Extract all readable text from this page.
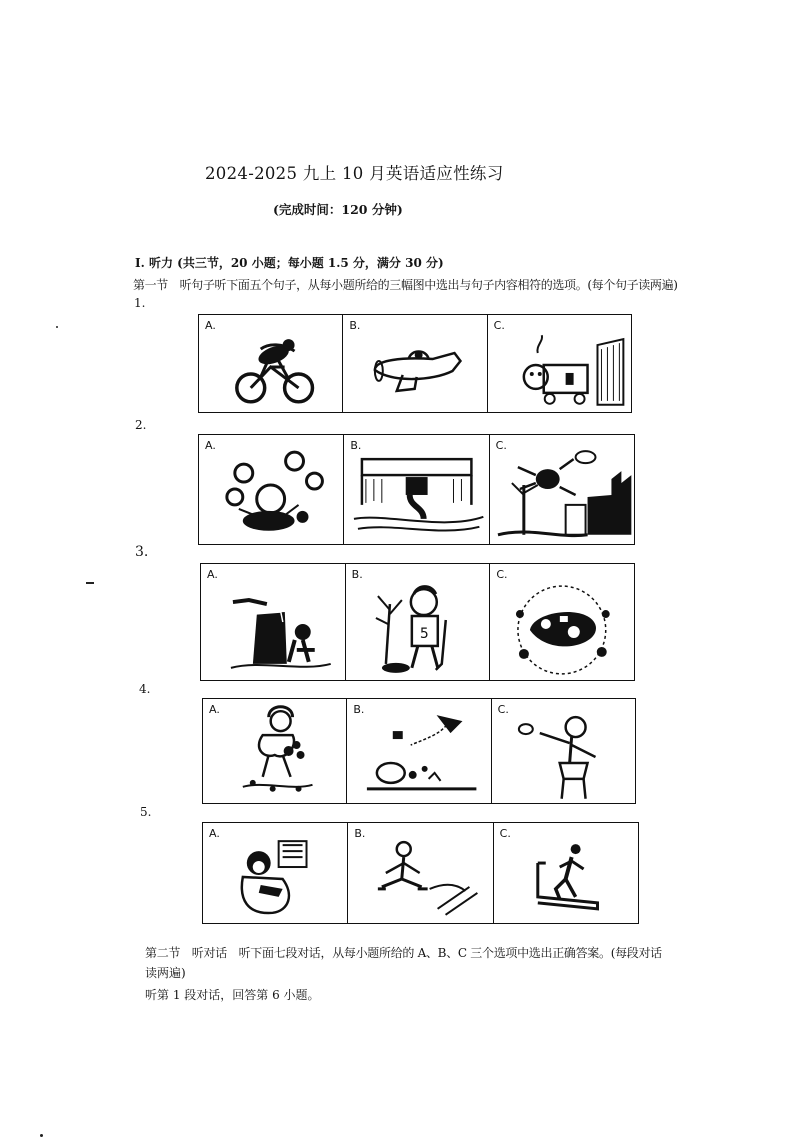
2024-2025 九上 10 月英语适应性练习
(完成时间：120 分钟)
I. 听力 (共三节，20 小题；每小题 1.5 分，满分 30 分)
第一节　听句子听下面五个句子，从每小题所给的三幅图中选出与句子内容相符的选项。(每个句子读两遍)
1.
A.	B.	C.
2.
A.	B.	C.
3.
A.	B.
5
C.
4.
A.	B.	C.
5.
A.	B.	C.
第二节　听对话　听下面七段对话，从每小题所给的 A、B、C 三个选项中选出正确答案。(每段对话
读两遍)
听第 1 段对话，回答第 6 小题。
